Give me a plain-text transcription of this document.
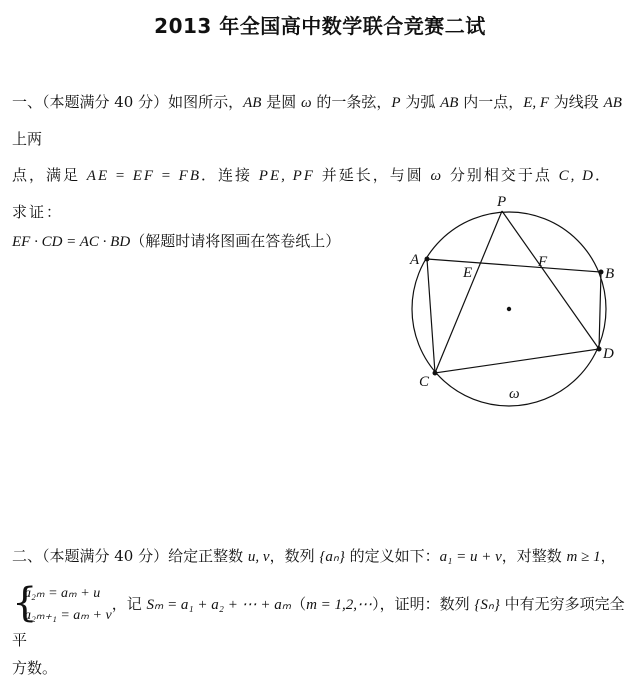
2013 年全国高中数学联合竞赛二试
一、（本题满分 40 分）如图所示，AB 是圆 ω 的一条弦，P 为弧 AB 内一点，E, F 为线段 AB 上两
点，满足 AE = EF = FB．连接 PE, PF 并延长，与圆 ω 分别相交于点 C, D．求证：
EF · CD = AC · BD（解题时请将图画在答卷纸上）
P
A
B
E
F
C
D
ω
二、（本题满分 40 分）给定正整数 u, v，数列 {aₙ} 的定义如下：a₁ = u + v，对整数 m ≥ 1，
{ a₂ₘ = aₘ + u
a₂ₘ₊₁ = aₘ + v
，记 Sₘ = a₁ + a₂ + ⋯ + aₘ（m = 1,2,⋯），证明：数列 {Sₙ} 中有无穷多项完全平
方数。
